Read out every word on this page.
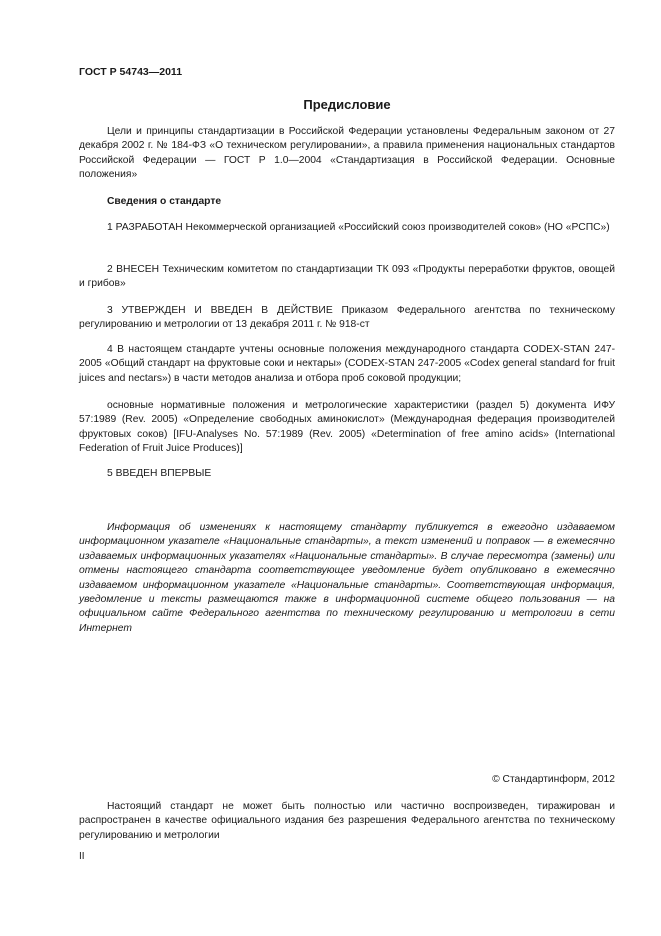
ГОСТ Р 54743—2011
Предисловие

Цели и принципы стандартизации в Российской Федерации установлены Федеральным законом от 27 декабря 2002 г. № 184-ФЗ «О техническом регулировании», а правила применения национальных стандартов Российской Федерации — ГОСТ Р 1.0—2004 «Стандартизация в Российской Федерации. Основные положения»

Сведения о стандарте

1 РАЗРАБОТАН Некоммерческой организацией «Российский союз производителей соков» (НО «РСПС»)

2 ВНЕСЕН Техническим комитетом по стандартизации ТК 093 «Продукты переработки фруктов, овощей и грибов»

3 УТВЕРЖДЕН И ВВЕДЕН В ДЕЙСТВИЕ Приказом Федерального агентства по техническому регулированию и метрологии от 13 декабря 2011 г. № 918-ст

4 В настоящем стандарте учтены основные положения международного стандарта CODEX-STAN 247-2005 «Общий стандарт на фруктовые соки и нектары» (CODEX-STAN 247-2005 «Codex general standard for fruit juices and nectars») в части методов анализа и отбора проб соковой продукции;

основные нормативные положения и метрологические характеристики (раздел 5) документа ИФУ 57:1989 (Rev. 2005) «Определение свободных аминокислот» (Международная федерация производителей фруктовых соков) [IFU-Analyses No. 57:1989 (Rev. 2005) «Determination of free amino acids» (International Federation of Fruit Juice Produces)]

5 ВВЕДЕН ВПЕРВЫЕ

Информация об изменениях к настоящему стандарту публикуется в ежегодно издаваемом информационном указателе «Национальные стандарты», а текст изменений и поправок — в ежемесячно издаваемых информационных указателях «Национальные стандарты». В случае пересмотра (замены) или отмены настоящего стандарта соответствующее уведомление будет опубликовано в ежемесячно издаваемом информационном указателе «Национальные стандарты». Соответствующая информация, уведомление и тексты размещаются также в информационной системе общего пользования — на официальном сайте Федерального агентства по техническому регулированию и метрологии в сети Интернет

© Стандартинформ, 2012

Настоящий стандарт не может быть полностью или частично воспроизведен, тиражирован и распространен в качестве официального издания без разрешения Федерального агентства по техническому регулированию и метрологии

II
